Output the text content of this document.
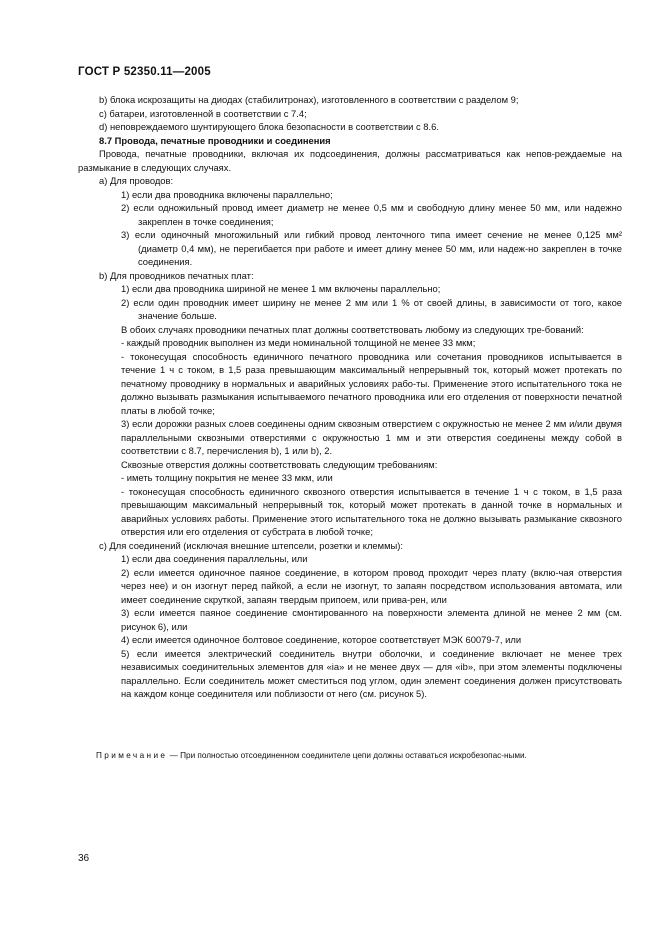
ГОСТ Р 52350.11—2005
b) блока искрозащиты на диодах (стабилитронах), изготовленного в соответствии с разделом 9;
c) батареи, изготовленной в соответствии с 7.4;
d) неповреждаемого шунтирующего блока безопасности в соответствии с 8.6.
8.7 Провода, печатные проводники и соединения
Провода, печатные проводники, включая их подсоединения, должны рассматриваться как непов-реждаемые на размыкание в следующих случаях.
a) Для проводов:
1) если два проводника включены параллельно;
2) если одножильный провод имеет диаметр не менее 0,5 мм и свободную длину менее 50 мм, или надежно закреплен в точке соединения;
3) если одиночный многожильный или гибкий провод ленточного типа имеет сечение не менее 0,125 мм² (диаметр 0,4 мм), не перегибается при работе и имеет длину менее 50 мм, или надеж-но закреплен в точке соединения.
b) Для проводников печатных плат:
1) если два проводника шириной не менее 1 мм включены параллельно;
2) если один проводник имеет ширину не менее 2 мм или 1 % от своей длины, в зависимости от того, какое значение больше.
В обоих случаях проводники печатных плат должны соответствовать любому из следующих тре-бований:
- каждый проводник выполнен из меди номинальной толщиной не менее 33 мкм;
- токонесущая способность единичного печатного проводника или сочетания проводников испытывается в течение 1 ч с током, в 1,5 раза превышающим максимальный непрерывный ток, который может протекать по печатному проводнику в нормальных и аварийных условиях рабо-ты. Применение этого испытательного тока не должно вызывать размыкания испытываемого печатного проводника или его отделения от поверхности печатной платы в любой точке;
3) если дорожки разных слоев соединены одним сквозным отверстием с окружностью не менее 2 мм и/или двумя параллельными сквозными отверстиями с окружностью 1 мм и эти отверстия соединены между собой в соответствии с 8.7, перечисления b), 1 или b), 2.
Сквозные отверстия должны соответствовать следующим требованиям:
- иметь толщину покрытия не менее 33 мкм, или
- токонесущая способность единичного сквозного отверстия испытывается в течение 1 ч с током, в 1,5 раза превышающим максимальный непрерывный ток, который может протекать в данной точке в нормальных и аварийных условиях работы. Применение этого испытательного тока не должно вызывать размыкание сквозного отверстия или его отделения от субстрата в любой точке;
c) Для соединений (исключая внешние штепсели, розетки и клеммы):
1) если два соединения параллельны, или
2) если имеется одиночное паяное соединение, в котором провод проходит через плату (вклю-чая отверстия через нее) и он изогнут перед пайкой, а если не изогнут, то запаян посредством использования автомата, или имеет соединение скруткой, запаян твердым припоем, или прива-рен, или
3) если имеется паяное соединение смонтированного на поверхности элемента длиной не менее 2 мм (см. рисунок 6), или
4) если имеется одиночное болтовое соединение, которое соответствует МЭК 60079-7, или
5) если имеется электрический соединитель внутри оболочки, и соединение включает не менее трех независимых соединительных элементов для «ia» и не менее двух — для «ib», при этом элементы подключены параллельно. Если соединитель может сместиться под углом, один элемент соединения должен присутствовать на каждом конце соединителя или поблизости от него (см. рисунок 5).
Примечание — При полностью отсоединенном соединителе цепи должны оставаться искробезопас-ными.
36
